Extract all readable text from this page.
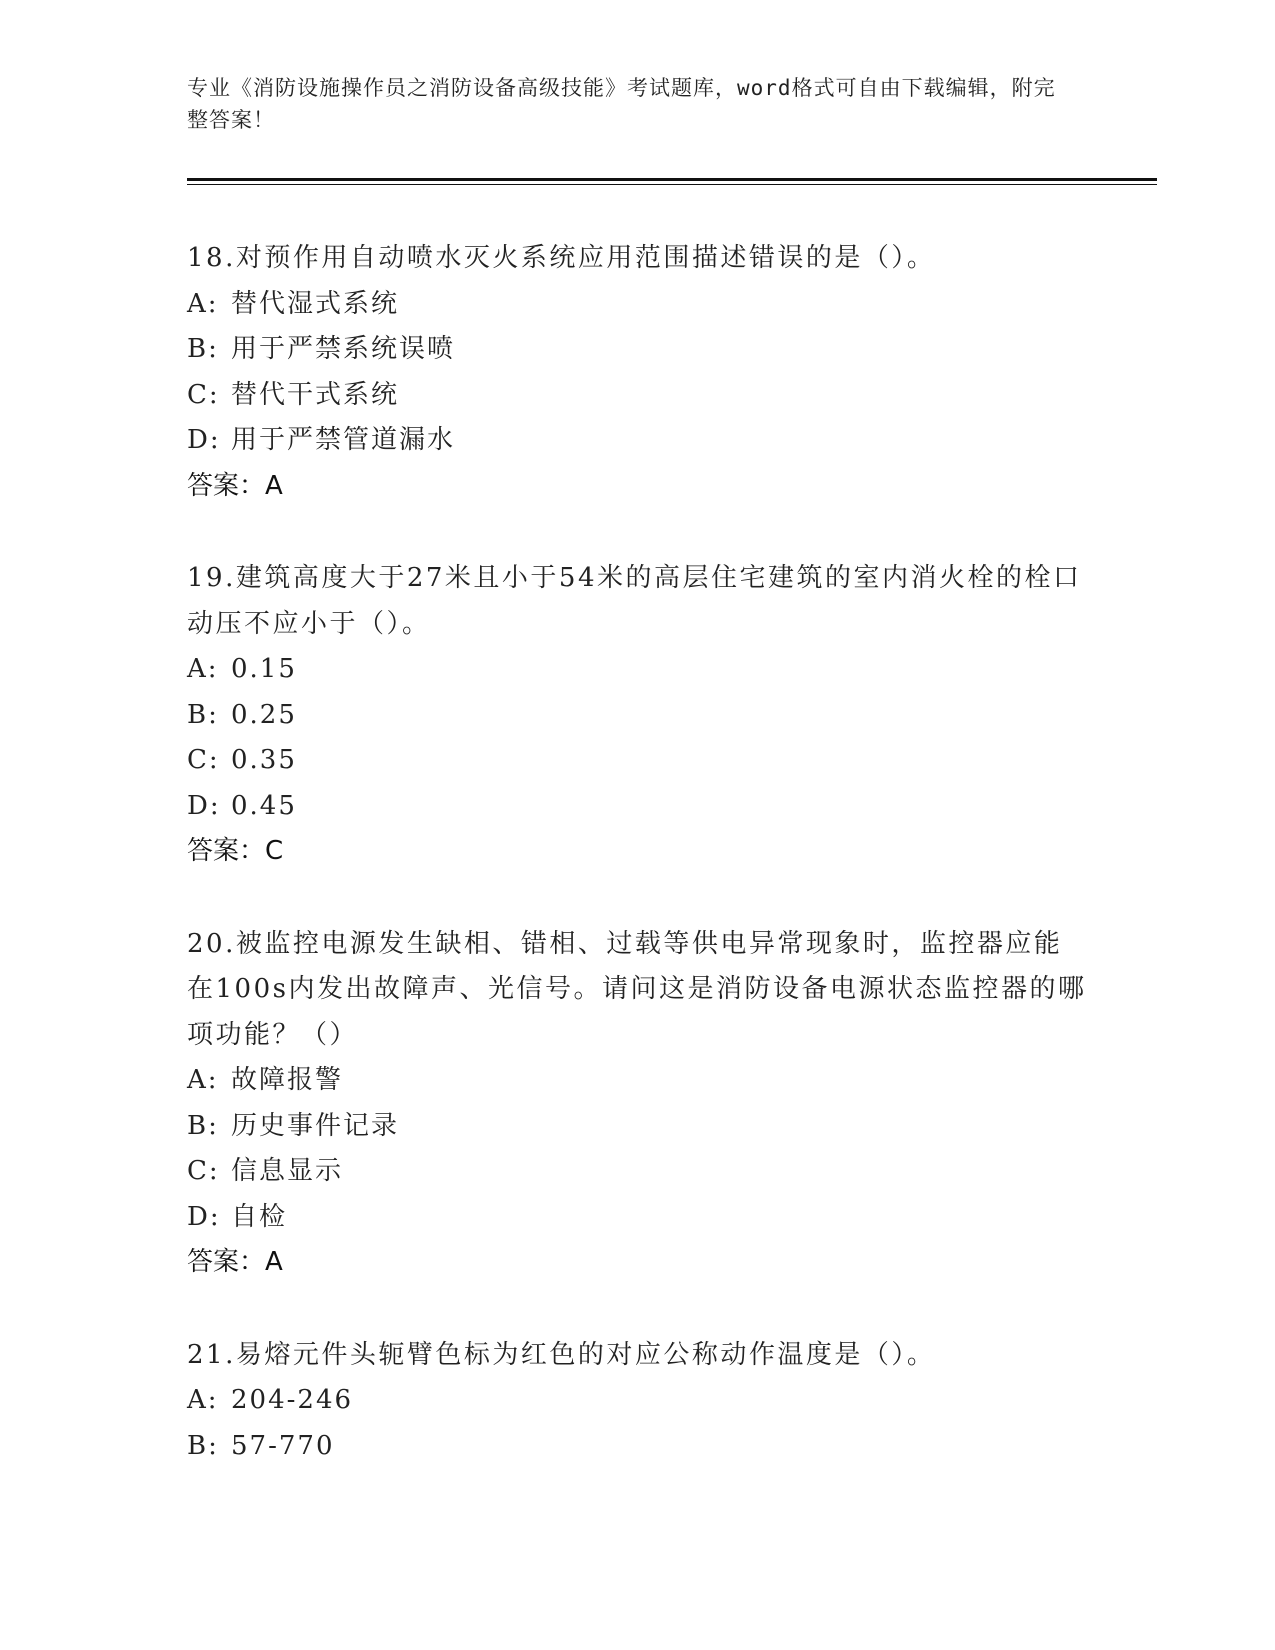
专业《消防设施操作员之消防设备高级技能》考试题库，word格式可自由下载编辑，附完整答案！

18.对预作用自动喷水灭火系统应用范围描述错误的是（）。

A: 替代湿式系统

B: 用于严禁系统误喷

C: 替代干式系统

D: 用于严禁管道漏水

答案：A

19.建筑高度大于27米且小于54米的高层住宅建筑的室内消火栓的栓口动压不应小于（）。

A: 0.15

B: 0.25

C: 0.35

D: 0.45

答案：C

20.被监控电源发生缺相、错相、过载等供电异常现象时，监控器应能在100s内发出故障声、光信号。请问这是消防设备电源状态监控器的哪项功能？（）

A: 故障报警

B: 历史事件记录

C: 信息显示

D: 自检

答案：A

21.易熔元件头轭臂色标为红色的对应公称动作温度是（）。

A: 204-246

B: 57-770
